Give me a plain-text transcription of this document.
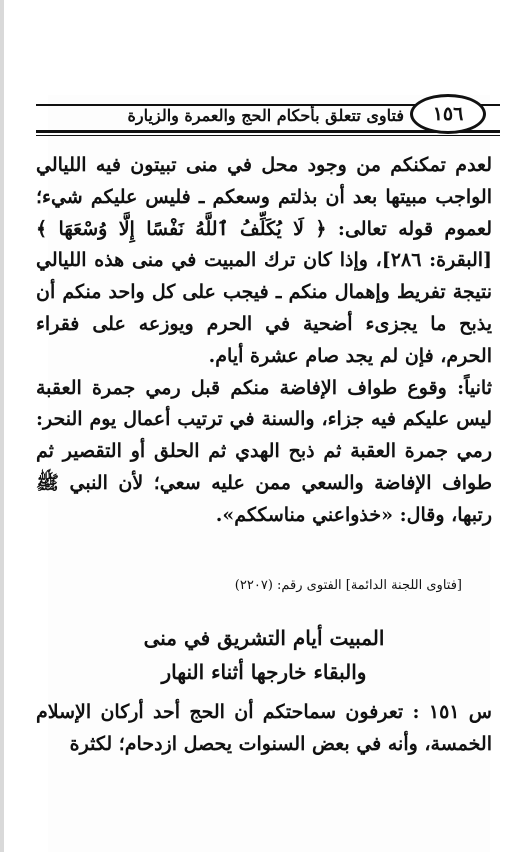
١٥٦
فتاوى تتعلق بأحكام الحج والعمرة والزيارة

لعدم تمكنكم من وجود محل في منى تبيتون فيه الليالي الواجب مبيتها بعد أن بذلتم وسعكم ـ فليس عليكم شيء؛ لعموم قوله تعالى: ﴿ لَا يُكَلِّفُ ٱللَّهُ نَفْسًا إِلَّا وُسْعَهَا ﴾ [البقرة: ٢٨٦]، وإذا كان ترك المبيت في منى هذه الليالي نتيجة تفريط وإهمال منكم ـ فيجب على كل واحد منكم أن يذبح ما يجزىء أضحية في الحرم ويوزعه على فقراء الحرم، فإن لم يجد صام عشرة أيام.

ثانياً: وقوع طواف الإفاضة منكم قبل رمي جمرة العقبة ليس عليكم فيه جزاء، والسنة في ترتيب أعمال يوم النحر: رمي جمرة العقبة ثم ذبح الهدي ثم الحلق أو التقصير ثم طواف الإفاضة والسعي ممن عليه سعي؛ لأن النبي ﷺ رتبها، وقال: «خذواعني مناسككم».

[فتاوى اللجنة الدائمة] الفتوى رقم: (٢٢٠٧)
المبيت أيام التشريق في منى
والبقاء خارجها أثناء النهار

س ١٥١ : تعرفون سماحتكم أن الحج أحد أركان الإسلام الخمسة، وأنه في بعض السنوات يحصل ازدحام؛ لكثرة
